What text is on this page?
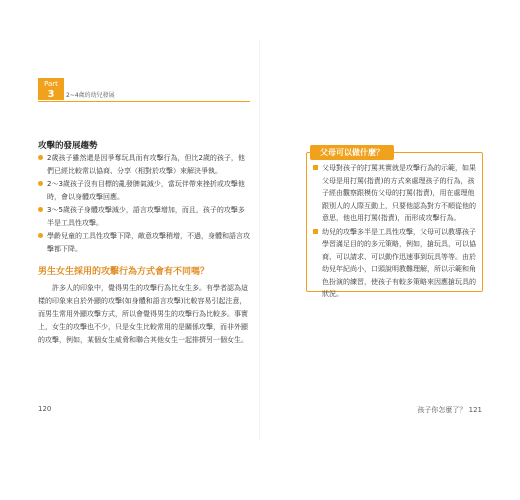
Part
3	2~4歲的幼兒發展
攻擊的發展趨勢
2歲孩子雖然還是因爭奪玩具而有攻擊行為，但比2歲的孩子，他們已經比較常以協商、分享（相對於攻擊）來解決爭執。
2～3歲孩子沒有目標的亂發脾氣減少，當玩伴帶來挫折或攻擊他時，會以身體攻擊回應。
3～5歲孩子身體攻擊減少，語言攻擊增加，而且，孩子的攻擊多半是工具性攻擊。
學齡兒童的工具性攻擊下降，敵意攻擊稍增，不過，身體和語言攻擊都下降。
男生女生採用的攻擊行為方式會有不同嗎？
許多人的印象中，覺得男生的攻擊行為比女生多。有學者認為這樣的印象來自於外顯的攻擊(如身體和語言攻擊)比較容易引起注意，而男生常用外顯攻擊方式，所以會覺得男生的攻擊行為比較多。事實上，女生的攻擊也不少，只是女生比較常用的是關係攻擊，而非外顯的攻擊，例如，某個女生威脅和聯合其他女生一起排擠另一個女生。
父母可以做什麼？
父母對孩子的打罵其實就是攻擊行為的示範，如果父母是用打罵(指責)的方式來處理孩子的行為，孩子經由觀察跟模仿父母的打罵(指責)，用在處理他跟別人的人際互動上，只要他認為對方不順從他的意思，他也用打罵(指責)，而形成攻擊行為。
幼兒的攻擊多半是工具性攻擊，父母可以教導孩子學習滿足目的的多元策略，例如，搶玩具，可以協商、可以請求、可以動作迅速事到玩具等等。由於幼兒年紀尚小，口頭說明教難理解，所以示範和角色扮演的練習，使孩子有較多策略來因應搶玩具的狀況。
120	孩子你怎麼了？ 121
